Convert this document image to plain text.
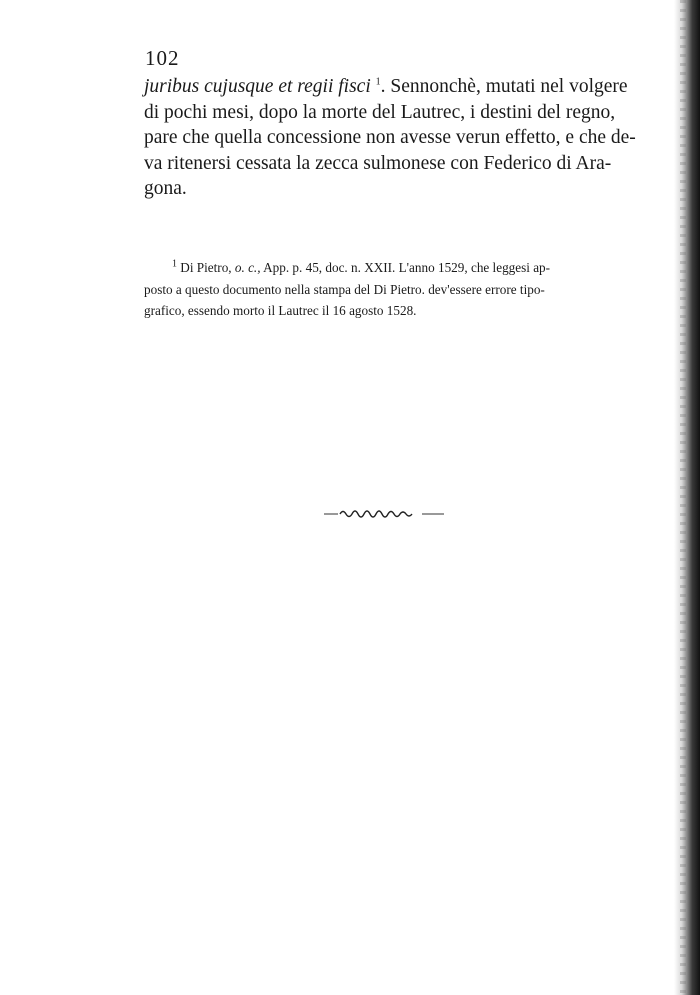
102
juribus cujusque et regii fisci $^1$. Sennonchè, mutati nel volgere
di pochi mesi, dopo la morte del Lautrec, i destini del regno,
pare che quella concessione non avesse verun effetto, e che de-
va ritenersi cessata la zecca sulmonese con Federico di Ara-
gona.
$^1$ Di Pietro, o. c., App. p. 45, doc. n. XXII. L'anno 1529, che leggesi ap-
posto a questo documento nella stampa del Di Pietro. dev'essere errore tipo-
grafico, essendo morto il Lautrec il 16 agosto 1528.
